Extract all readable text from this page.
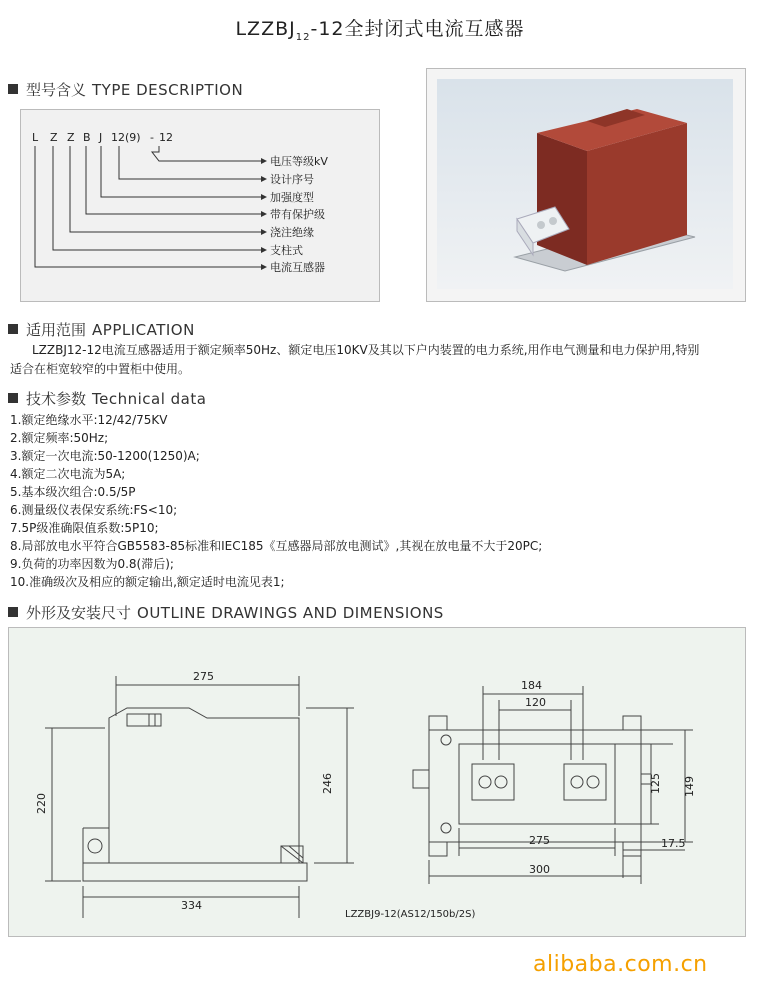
$LZZBJ_{12}-12$全封闭式电流互感器
型号含义 TYPE DESCRIPTION
L Z Z B J 12 (9) - 12
电压等级kV
设计序号
加强度型
带有保护级
浇注绝缘
支柱式
电流互感器
适用范围 APPLICATION
LZZBJ12-12电流互感器适用于额定频率50Hz、额定电压10KV及其以下户内装置的电力系统,用作电气测量和电力保护用,特别
适合在柜宽较窄的中置柜中使用。
技术参数 Technical data
1.额定绝缘水平:12/42/75KV
2.额定频率:50Hz;
3.额定一次电流:50-1200(1250)A;
4.额定二次电流为5A;
5.基本级次组合:0.5/5P
6.测量级仪表保安系统:FS<10;
7.5P级准确限值系数:5P10;
8.局部放电水平符合GB5583-85标准和IEC185《互感器局部放电测试》,其视在放电量不大于20PC;
9.负荷的功率因数为0.8(滞后);
10.准确级次及相应的额定输出,额定适时电流见表1;
外形及安装尺寸 OUTLINE DRAWINGS AND DIMENSIONS
275
246
220
334
184
120
125 149
275	17.5
300
LZZBJ9-12(AS12/150b/2S)
alibaba.com.cn
